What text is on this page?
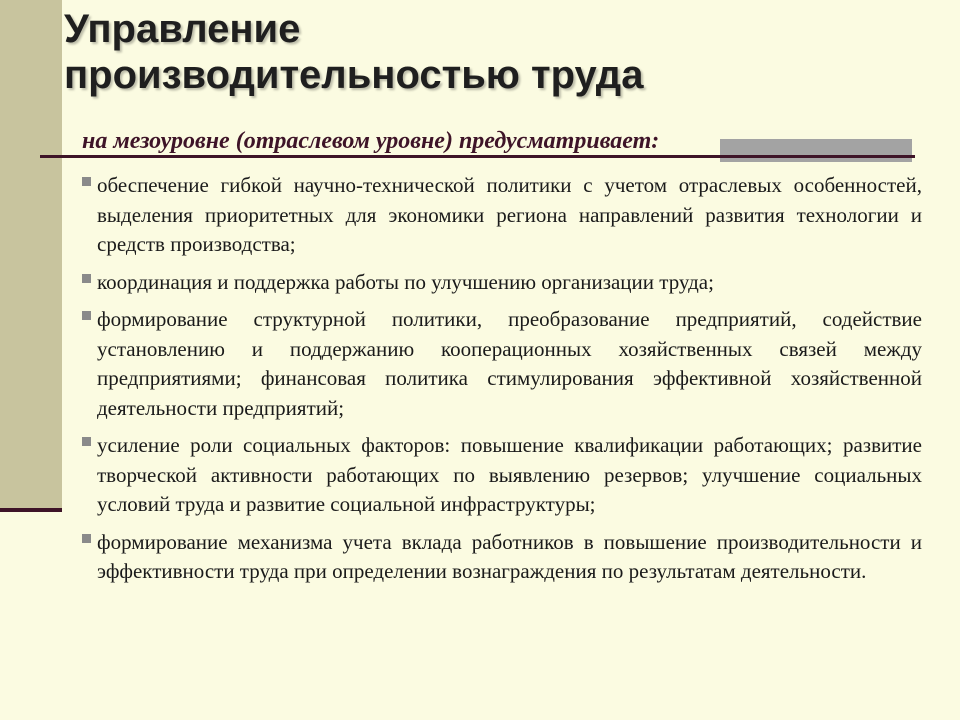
Управление
производительностью труда

на мезоуровне (отраслевом уровне) предусматривает:

обеспечение гибкой научно-технической политики с учетом отраслевых особенностей, выделения приоритетных для экономики региона направлений развития технологии и средств производства;
координация и поддержка работы по улучшению организации труда;
формирование структурной политики, преобразование предприятий, содействие установлению и поддержанию кооперационных хозяйственных связей между предприятиями; финансовая политика стимулирования эффективной хозяйственной деятельности предприятий;
усиление роли социальных факторов: повышение квалификации работающих; развитие творческой активности работающих по выявлению резервов; улучшение социальных условий труда и развитие социальной инфраструктуры;
формирование механизма учета вклада работников в повышение производительности и эффективности труда при определении вознаграждения по результатам деятельности.
